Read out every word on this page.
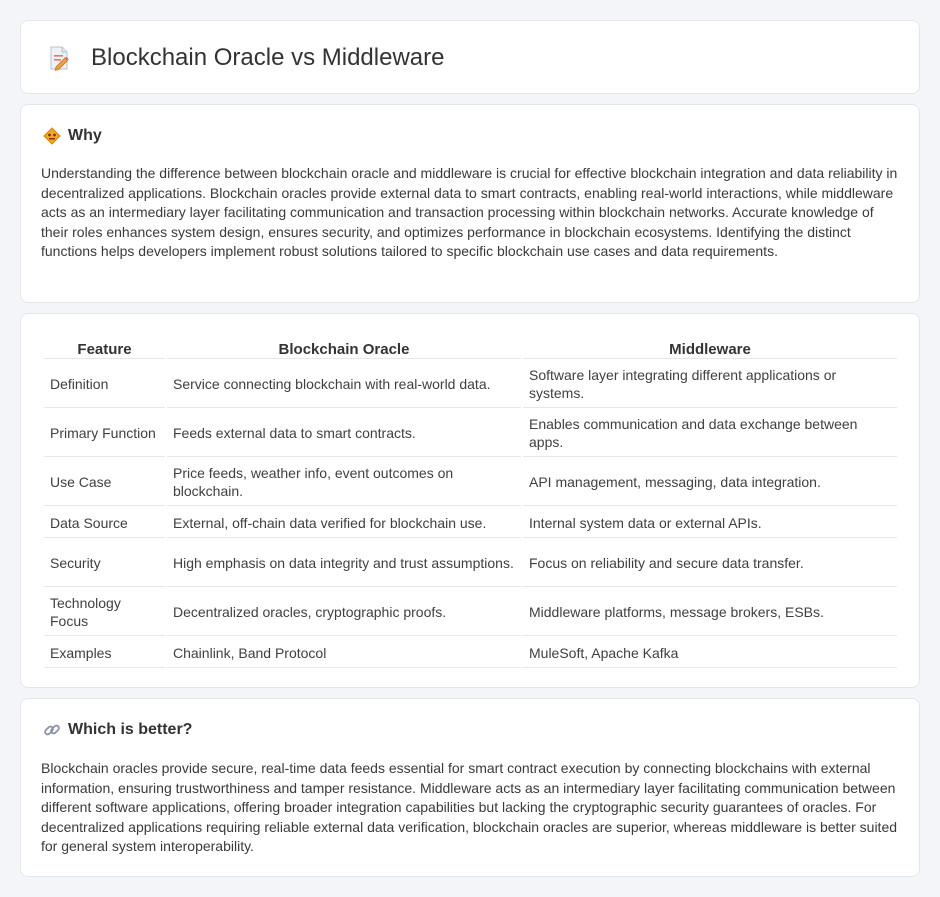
Blockchain Oracle vs Middleware
Why

Understanding the difference between blockchain oracle and middleware is crucial for effective blockchain integration and data reliability in decentralized applications. Blockchain oracles provide external data to smart contracts, enabling real-world interactions, while middleware acts as an intermediary layer facilitating communication and transaction processing within blockchain networks. Accurate knowledge of their roles enhances system design, ensures security, and optimizes performance in blockchain ecosystems. Identifying the distinct functions helps developers implement robust solutions tailored to specific blockchain use cases and data requirements.

Feature	Blockchain Oracle	Middleware
Definition	Service connecting blockchain with real-world data.	Software layer integrating different applications or systems.
Primary Function	Feeds external data to smart contracts.	Enables communication and data exchange between apps.
Use Case	Price feeds, weather info, event outcomes on blockchain.	API management, messaging, data integration.
Data Source	External, off-chain data verified for blockchain use.	Internal system data or external APIs.
Security	High emphasis on data integrity and trust assumptions.	Focus on reliability and secure data transfer.
Technology Focus	Decentralized oracles, cryptographic proofs.	Middleware platforms, message brokers, ESBs.
Examples	Chainlink, Band Protocol	MuleSoft, Apache Kafka
Which is better?

Blockchain oracles provide secure, real-time data feeds essential for smart contract execution by connecting blockchains with external information, ensuring trustworthiness and tamper resistance. Middleware acts as an intermediary layer facilitating communication between different software applications, offering broader integration capabilities but lacking the cryptographic security guarantees of oracles. For decentralized applications requiring reliable external data verification, blockchain oracles are superior, whereas middleware is better suited for general system interoperability.
